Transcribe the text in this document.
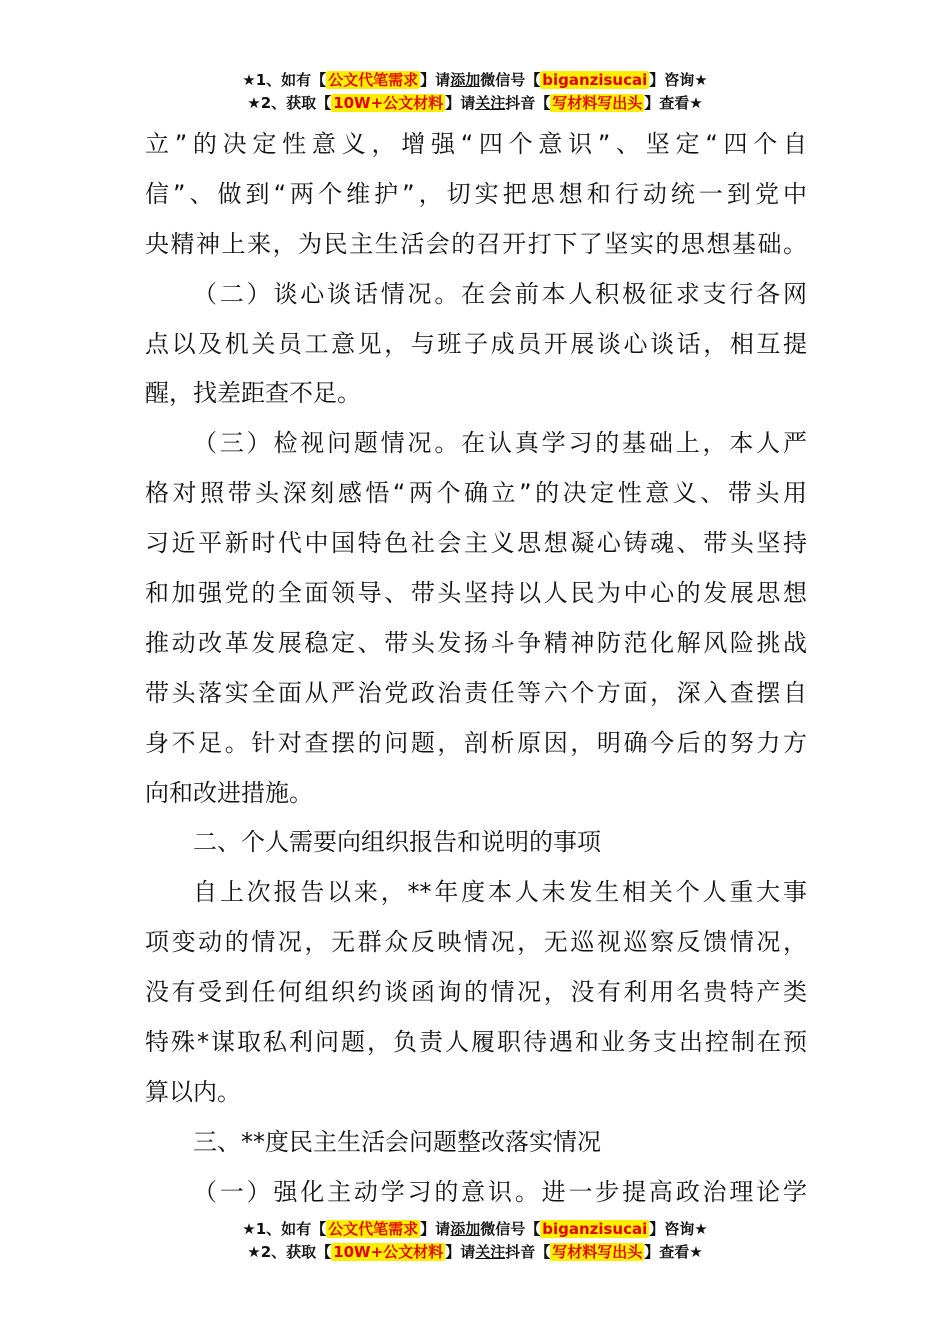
★1、如有【 公文代笔需求 】请添加微信号【 biganzisucai 】咨询★
★2、获取【 10W+公文材料 】请关注抖音【 写材料写出头 】查看★
立”的决定性意义，增强“四个意识”、坚定“四个自
信”、做到“两个维护”，切实把思想和行动统一到党中
央精神上来，为民主生活会的召开打下了坚实的思想基础。
（二）谈心谈话情况。在会前本人积极征求支行各网
点以及机关员工意见，与班子成员开展谈心谈话，相互提
醒，找差距查不足。
（三）检视问题情况。在认真学习的基础上，本人严
格对照带头深刻感悟“两个确立”的决定性意义、带头用
习近平新时代中国特色社会主义思想凝心铸魂、带头坚持
和加强党的全面领导、带头坚持以人民为中心的发展思想
推动改革发展稳定、带头发扬斗争精神防范化解风险挑战
带头落实全面从严治党政治责任等六个方面，深入查摆自
身不足。针对查摆的问题，剖析原因，明确今后的努力方
向和改进措施。
二、个人需要向组织报告和说明的事项
自上次报告以来，**年度本人未发生相关个人重大事
项变动的情况，无群众反映情况，无巡视巡察反馈情况，
没有受到任何组织约谈函询的情况，没有利用名贵特产类
特殊*谋取私利问题，负责人履职待遇和业务支出控制在预
算以内。
三、**度民主生活会问题整改落实情况
（一）强化主动学习的意识。进一步提高政治理论学
★1、如有【 公文代笔需求 】请添加微信号【 biganzisucai 】咨询★
★2、获取【 10W+公文材料 】请关注抖音【 写材料写出头 】查看★
